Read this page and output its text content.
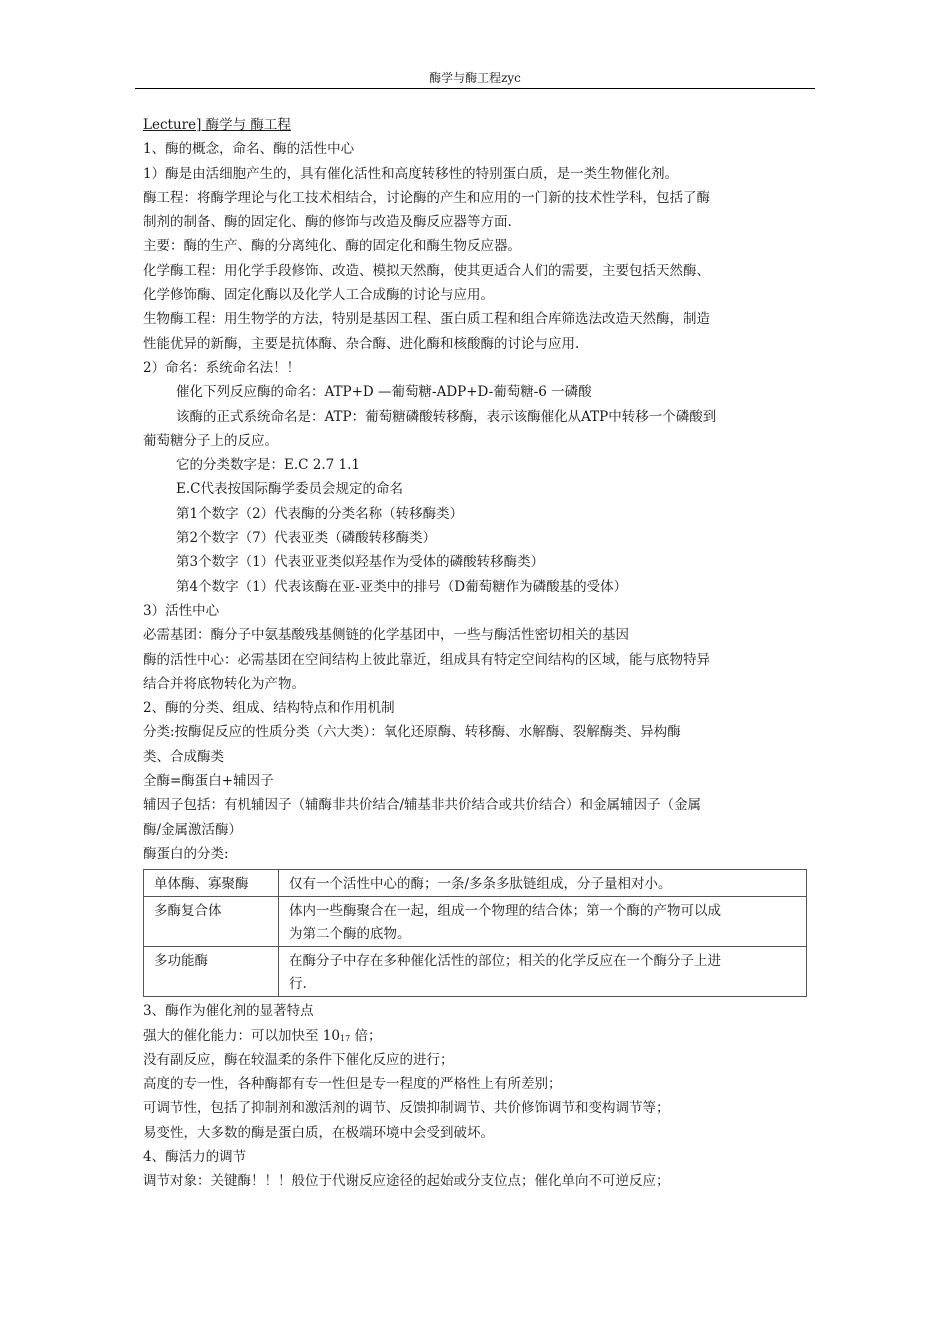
酶学与酶工程zyc
Lecture] 酶学与 酶工程
1、酶的概念，命名、酶的活性中心
1）酶是由活细胞产生的，具有催化活性和高度转移性的特别蛋白质，是一类生物催化剂。
酶工程：将酶学理论与化工技术相结合，讨论酶的产生和应用的一门新的技术性学科，包括了酶
制剂的制备、酶的固定化、酶的修饰与改造及酶反应器等方面.
主要：酶的生产、酶的分离纯化、酶的固定化和酶生物反应器。
化学酶工程：用化学手段修饰、改造、模拟天然酶，使其更适合人们的需要，主要包括天然酶、
化学修饰酶、固定化酶以及化学人工合成酶的讨论与应用。
生物酶工程：用生物学的方法，特别是基因工程、蛋白质工程和组合库筛选法改造天然酶，制造
性能优异的新酶，主要是抗体酶、杂合酶、进化酶和核酸酶的讨论与应用.
2）命名：系统命名法！！
催化下列反应酶的命名：ATP+D —葡萄糖-ADP+D-葡萄糖-6 一磷酸
该酶的正式系统命名是：ATP：葡萄糖磷酸转移酶，表示该酶催化从ATP中转移一个磷酸到
葡萄糖分子上的反应。
它的分类数字是：E.C 2.7 1.1
E.C代表按国际酶学委员会规定的命名
第1个数字（2）代表酶的分类名称（转移酶类）
第2个数字（7）代表亚类（磷酸转移酶类）
第3个数字（1）代表亚亚类似羟基作为受体的磷酸转移酶类）
第4个数字（1）代表该酶在亚-亚类中的排号（D葡萄糖作为磷酸基的受体）
3）活性中心
必需基团：酶分子中氨基酸残基侧链的化学基团中，一些与酶活性密切相关的基因
酶的活性中心：必需基团在空间结构上彼此靠近，组成具有特定空间结构的区域，能与底物特异
结合并将底物转化为产物。
2、酶的分类、组成、结构特点和作用机制
分类:按酶促反应的性质分类（六大类）：氧化还原酶、转移酶、水解酶、裂解酶类、异构酶
类、合成酶类
全酶=酶蛋白+辅因子
辅因子包括：有机辅因子（辅酶非共价结合/辅基非共价结合或共价结合）和金属辅因子（金属
酶/金属激活酶）
酶蛋白的分类:
单体酶、寡聚酶	仅有一个活性中心的酶；一条/多条多肽链组成，分子量相对小。

多酶复合体	体内一些酶聚合在一起，组成一个物理的结合体；第一个酶的产物可以成
为第二个酶的底物。

多功能酶	在酶分子中存在多种催化活性的部位；相关的化学反应在一个酶分子上进
行.
3、酶作为催化剂的显著特点
强大的催化能力：可以加快至 1017 倍；
没有副反应，酶在较温柔的条件下催化反应的进行；
高度的专一性，各种酶都有专一性但是专一程度的严格性上有所差别；
可调节性，包括了抑制剂和激活剂的调节、反馈抑制调节、共价修饰调节和变构调节等；
易变性，大多数的酶是蛋白质，在极端环境中会受到破坏。
4、酶活力的调节
调节对象：关键酶！！！般位于代谢反应途径的起始或分支位点；催化单向不可逆反应；
